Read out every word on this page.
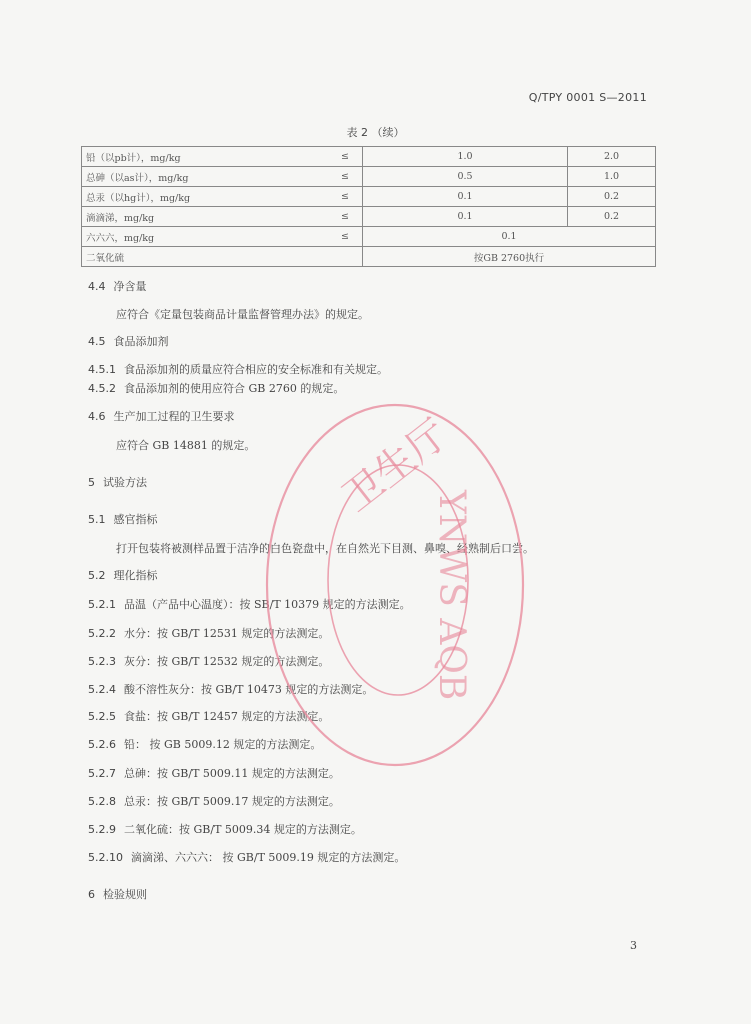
Q/TPY 0001 S—2011
表 2 （续）
铅（以pb计），mg/kg	≤	1.0	2.0
总砷（以as计），mg/kg	≤	0.5	1.0
总汞（以hg计），mg/kg	≤	0.1	0.2
滴滴涕，mg/kg	≤	0.1	0.2
六六六，mg/kg	≤	0.1	
二氧化硫		按GB 2760执行	
4.4 净含量
应符合《定量包装商品计量监督管理办法》的规定。
4.5 食品添加剂
4.5.1 食品添加剂的质量应符合相应的安全标准和有关规定。
4.5.2 食品添加剂的使用应符合 GB 2760 的规定。
4.6 生产加工过程的卫生要求
应符合 GB 14881 的规定。
5 试验方法
5.1 感官指标
打开包装将被测样品置于洁净的白色瓷盘中，在自然光下目测、鼻嗅、经熟制后口尝。
5.2 理化指标
5.2.1 品温（产品中心温度）：按 SB/T 10379 规定的方法测定。
5.2.2 水分：按 GB/T 12531 规定的方法测定。
5.2.3 灰分：按 GB/T 12532 规定的方法测定。
5.2.4 酸不溶性灰分：按 GB/T 10473 规定的方法测定。
5.2.5 食盐：按 GB/T 12457 规定的方法测定。
5.2.6 铅： 按 GB 5009.12 规定的方法测定。
5.2.7 总砷：按 GB/T 5009.11 规定的方法测定。
5.2.8 总汞：按 GB/T 5009.17 规定的方法测定。
5.2.9 二氧化硫：按 GB/T 5009.34 规定的方法测定。
5.2.10 滴滴涕、六六六： 按 GB/T 5009.19 规定的方法测定。
6 检验规则
3
卫生厅
YNWS AQB
